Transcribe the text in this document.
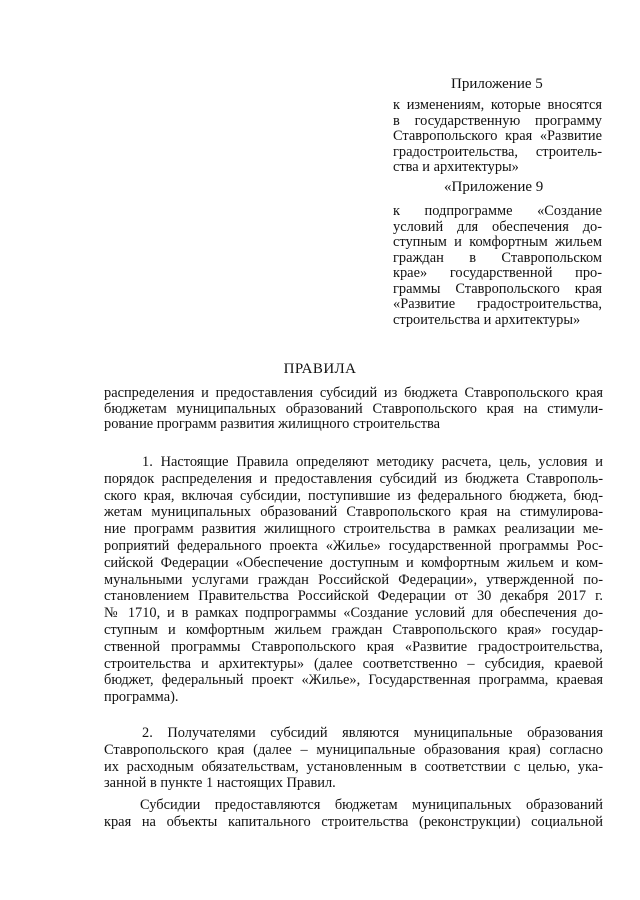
Приложение 5
к изменениям, которые вносятся
в государственную программу
Ставропольского края «Развитие
градостроительства, строитель-
ства и архитектуры»
«Приложение 9
к подпрограмме «Создание
условий для обеспечения до-
ступным и комфортным жильем
граждан в Ставропольском
крае» государственной про-
граммы Ставропольского края
«Развитие градостроительства,
строительства и архитектуры»
ПРАВИЛА
распределения и предоставления субсидий из бюджета Ставропольского края
бюджетам муниципальных образований Ставропольского края на стимули-
рование программ развития жилищного строительства
1. Настоящие Правила определяют методику расчета, цель, условия и
порядок распределения и предоставления субсидий из бюджета Ставрополь-
ского края, включая субсидии, поступившие из федерального бюджета, бюд-
жетам муниципальных образований Ставропольского края на стимулирова-
ние программ развития жилищного строительства в рамках реализации ме-
роприятий федерального проекта «Жилье» государственной программы Рос-
сийской Федерации «Обеспечение доступным и комфортным жильем и ком-
мунальными услугами граждан Российской Федерации», утвержденной по-
становлением Правительства Российской Федерации от 30 декабря 2017 г.
№ 1710, и в рамках подпрограммы «Создание условий для обеспечения до-
ступным и комфортным жильем граждан Ставропольского края» государ-
ственной программы Ставропольского края «Развитие градостроительства,
строительства и архитектуры» (далее соответственно – субсидия, краевой
бюджет, федеральный проект «Жилье», Государственная программа, краевая
программа).
2. Получателями субсидий являются муниципальные образования
Ставропольского края (далее – муниципальные образования края) согласно
их расходным обязательствам, установленным в соответствии с целью, ука-
занной в пункте 1 настоящих Правил.
Субсидии предоставляются бюджетам муниципальных образований
края на объекты капитального строительства (реконструкции) социальной
